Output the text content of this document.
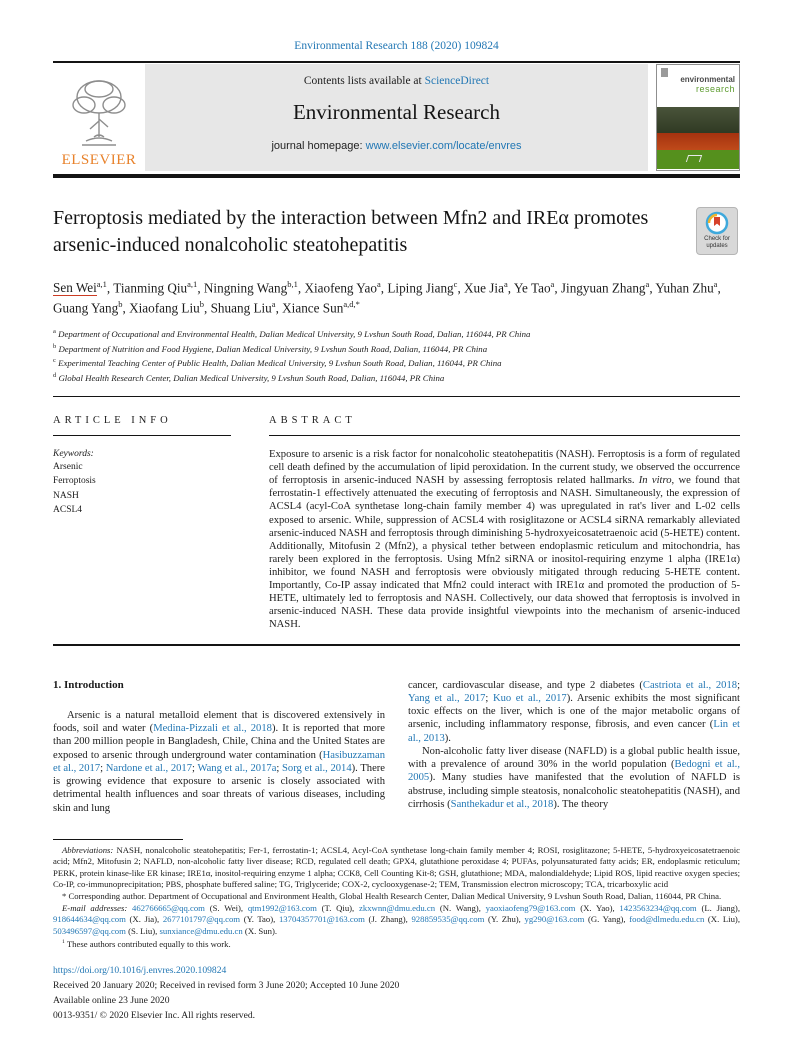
Environmental Research 188 (2020) 109824
ELSEVIER
Contents lists available at ScienceDirect
Environmental Research
journal homepage: www.elsevier.com/locate/envres
environmental
research
Ferroptosis mediated by the interaction between Mfn2 and IREα promotes arsenic-induced nonalcoholic steatohepatitis	Check for updates
Sen Wei$^{a,1}$, Tianming Qiu$^{a,1}$, Ningning Wang$^{b,1}$, Xiaofeng Yao$^a$, Liping Jiang$^c$, Xue Jia$^a$, Ye Tao$^a$, Jingyuan Zhang$^a$, Yuhan Zhu$^a$, Guang Yang$^b$, Xiaofang Liu$^b$, Shuang Liu$^a$, Xiance Sun$^{a,d,*}$
$^a$ Department of Occupational and Environmental Health, Dalian Medical University, 9 Lvshun South Road, Dalian, 116044, PR China
$^b$ Department of Nutrition and Food Hygiene, Dalian Medical University, 9 Lvshun South Road, Dalian, 116044, PR China
$^c$ Experimental Teaching Center of Public Health, Dalian Medical University, 9 Lvshun South Road, Dalian, 116044, PR China
$^d$ Global Health Research Center, Dalian Medical University, 9 Lvshun South Road, Dalian, 116044, PR China
ARTICLE INFO
Keywords:
Arsenic
Ferroptosis
NASH
ACSL4
ABSTRACT
Exposure to arsenic is a risk factor for nonalcoholic steatohepatitis (NASH). Ferroptosis is a form of regulated cell death defined by the accumulation of lipid peroxidation. In the current study, we observed the occurrence of ferroptosis in arsenic-induced NASH by assessing ferroptosis related hallmarks. In vitro, we found that ferrostatin-1 effectively attenuated the executing of ferroptosis and NASH. Simultaneously, the expression of ACSL4 (acyl-CoA synthetase long-chain family member 4) was upregulated in rat's liver and L-02 cells exposed to arsenic. While, suppression of ACSL4 with rosiglitazone or ACSL4 siRNA remarkably alleviated arsenic-induced NASH and ferroptosis through diminishing 5-hydroxyeicosatetraenoic acid (5-HETE) content. Additionally, Mitofusin 2 (Mfn2), a physical tether between endoplasmic reticulum and mitochondria, has rarely been explored in the ferroptosis. Using Mfn2 siRNA or inositol-requiring enzyme 1 alpha (IRE1α) inhibitor, we found NASH and ferroptosis were obviously mitigated through reducing 5-HETE content. Importantly, Co-IP assay indicated that Mfn2 could interact with IRE1α and promoted the production of 5-HETE, ultimately led to ferroptosis and NASH. Collectively, our data showed that ferroptosis is involved in arsenic-induced NASH. These data provide insightful viewpoints into the mechanism of arsenic-induced NASH.
1. Introduction

Arsenic is a natural metalloid element that is discovered extensively in foods, soil and water (Medina-Pizzali et al., 2018). It is reported that more than 200 million people in Bangladesh, Chile, China and the United States are exposed to arsenic through underground water contamination (Hasibuzzaman et al., 2017; Nardone et al., 2017; Wang et al., 2017a; Sorg et al., 2014). There is growing evidence that exposure to arsenic is closely associated with detrimental health influences and soar threats of various diseases, including skin and lung

cancer, cardiovascular disease, and type 2 diabetes (Castriota et al., 2018; Yang et al., 2017; Kuo et al., 2017). Arsenic exhibits the most significant toxic effects on the liver, which is one of the major metabolic organs of arsenic, including inflammatory response, fibrosis, and even cancer (Lin et al., 2013).

Non-alcoholic fatty liver disease (NAFLD) is a global public health issue, with a prevalence of around 30% in the world population (Bedogni et al., 2005). Many studies have manifested that the evolution of NAFLD is abstruse, including simple steatosis, nonalcoholic steatohepatitis (NASH), and cirrhosis (Santhekadur et al., 2018). The theory

Abbreviations: NASH, nonalcoholic steatohepatitis; Fer-1, ferrostatin-1; ACSL4, Acyl-CoA synthetase long-chain family member 4; ROSI, rosiglitazone; 5-HETE, 5-hydroxyeicosatetraenoic acid; Mfn2, Mitofusin 2; NAFLD, non-alcoholic fatty liver disease; RCD, regulated cell death; GPX4, glutathione peroxidase 4; PUFAs, polyunsaturated fatty acids; ER, endoplasmic reticulum; PERK, protein kinase-like ER kinase; IRE1α, inositol-requiring enzyme 1 alpha; CCK8, Cell Counting Kit-8; GSH, glutathione; MDA, malondialdehyde; Lipid ROS, lipid reactive oxygen species; Co-IP, co-immunoprecipitation; PBS, phosphate buffered saline; TG, Triglyceride; COX-2, cyclooxygenase-2; TEM, Transmission electron microscopy; TCA, tricarboxylic acid

* Corresponding author. Department of Occupational and Environment Health, Global Health Research Center, Dalian Medical University, 9 Lvshun South Road, Dalian, 116044, PR China.

E-mail addresses: 462766665@qq.com (S. Wei), qtm1992@163.com (T. Qiu), zkxwnn@dmu.edu.cn (N. Wang), yaoxiaofeng79@163.com (X. Yao), 1423563234@qq.com (L. Jiang), 918644634@qq.com (X. Jia), 2677101797@qq.com (Y. Tao), 13704357701@163.com (J. Zhang), 928859535@qq.com (Y. Zhu), yg290@163.com (G. Yang), food@dlmedu.edu.cn (X. Liu), 503496597@qq.com (S. Liu), sunxiance@dmu.edu.cn (X. Sun).

$^1$ These authors contributed equally to this work.

https://doi.org/10.1016/j.envres.2020.109824
Received 20 January 2020; Received in revised form 3 June 2020; Accepted 10 June 2020
Available online 23 June 2020
0013-9351/ © 2020 Elsevier Inc. All rights reserved.
